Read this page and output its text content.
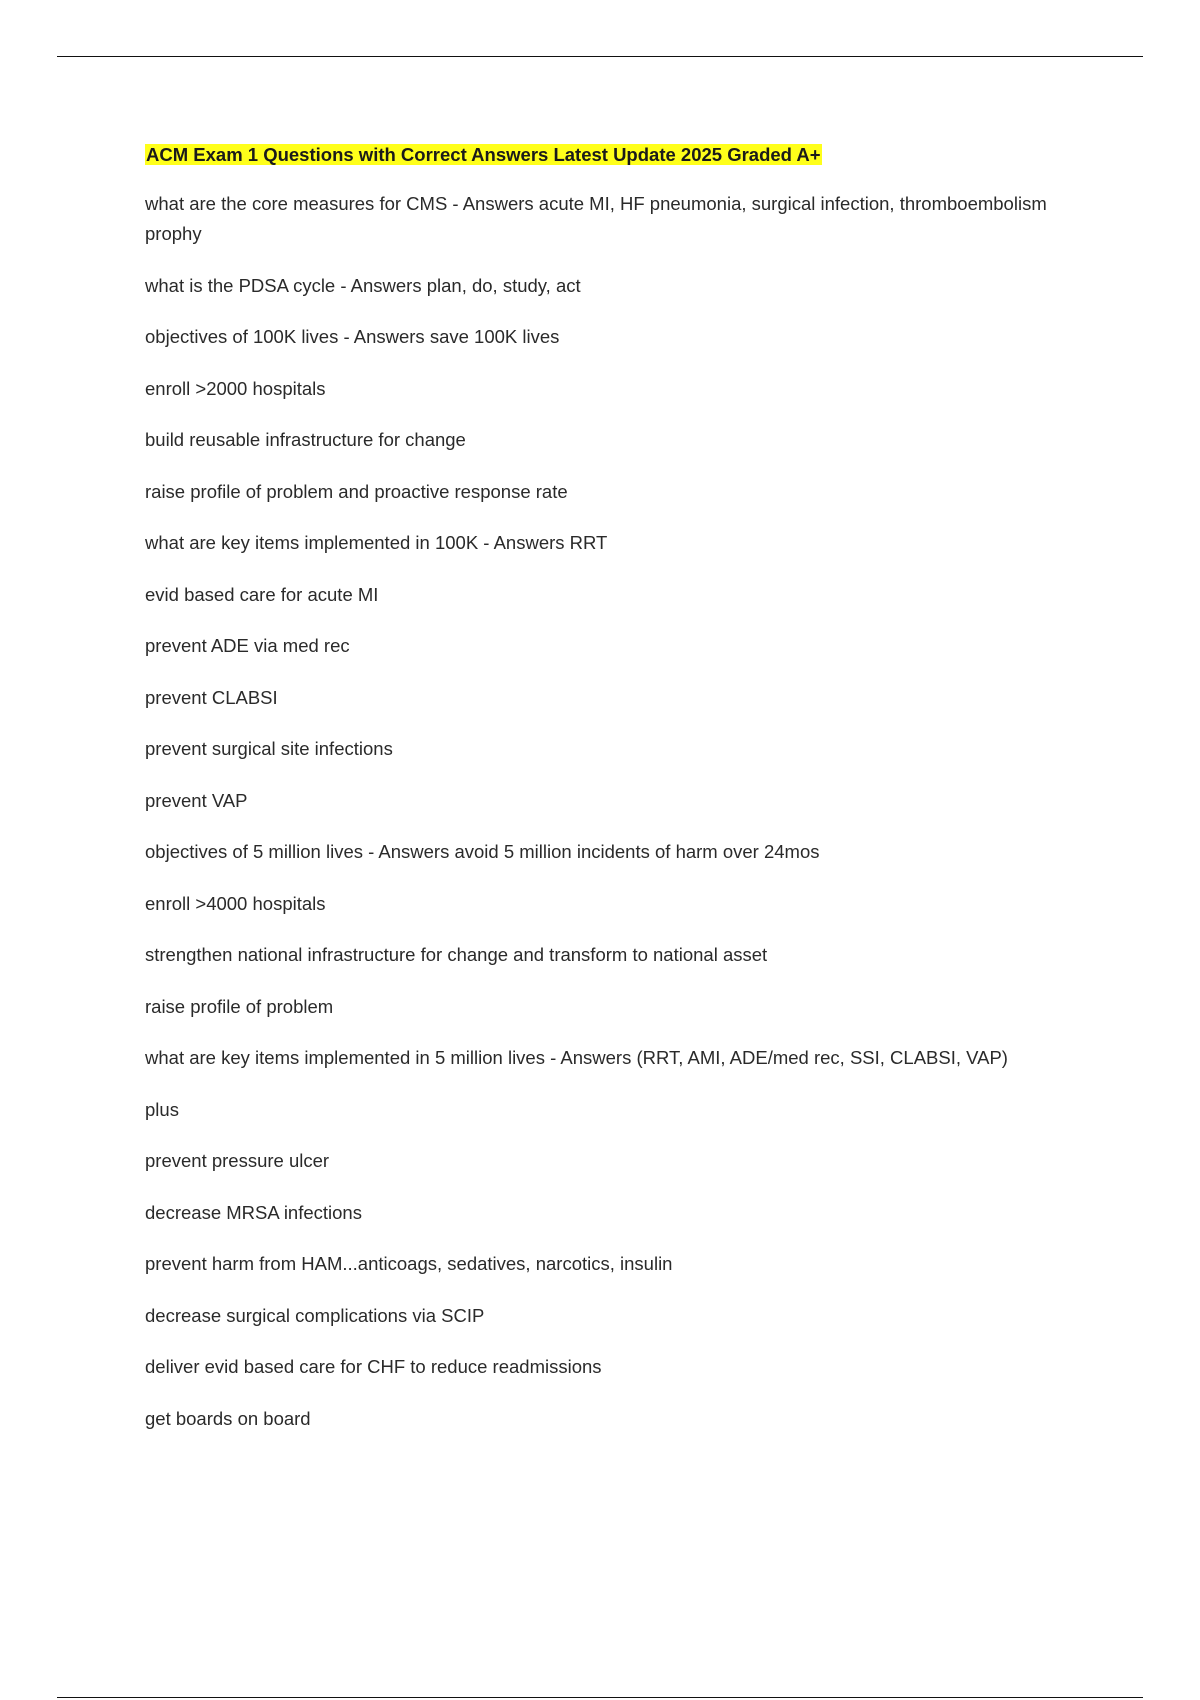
ACM Exam 1 Questions with Correct Answers Latest Update 2025 Graded A+
what are the core measures for CMS - Answers acute MI, HF pneumonia, surgical infection, thromboembolism prophy
what is the PDSA cycle - Answers plan, do, study, act
objectives of 100K lives - Answers save 100K lives
enroll >2000 hospitals
build reusable infrastructure for change
raise profile of problem and proactive response rate
what are key items implemented in 100K - Answers RRT
evid based care for acute MI
prevent ADE via med rec
prevent CLABSI
prevent surgical site infections
prevent VAP
objectives of 5 million lives - Answers avoid 5 million incidents of harm over 24mos
enroll >4000 hospitals
strengthen national infrastructure for change and transform to national asset
raise profile of problem
what are key items implemented in 5 million lives - Answers (RRT, AMI, ADE/med rec, SSI, CLABSI, VAP)
plus
prevent pressure ulcer
decrease MRSA infections
prevent harm from HAM...anticoags, sedatives, narcotics, insulin
decrease surgical complications via SCIP
deliver evid based care for CHF to reduce readmissions
get boards on board
